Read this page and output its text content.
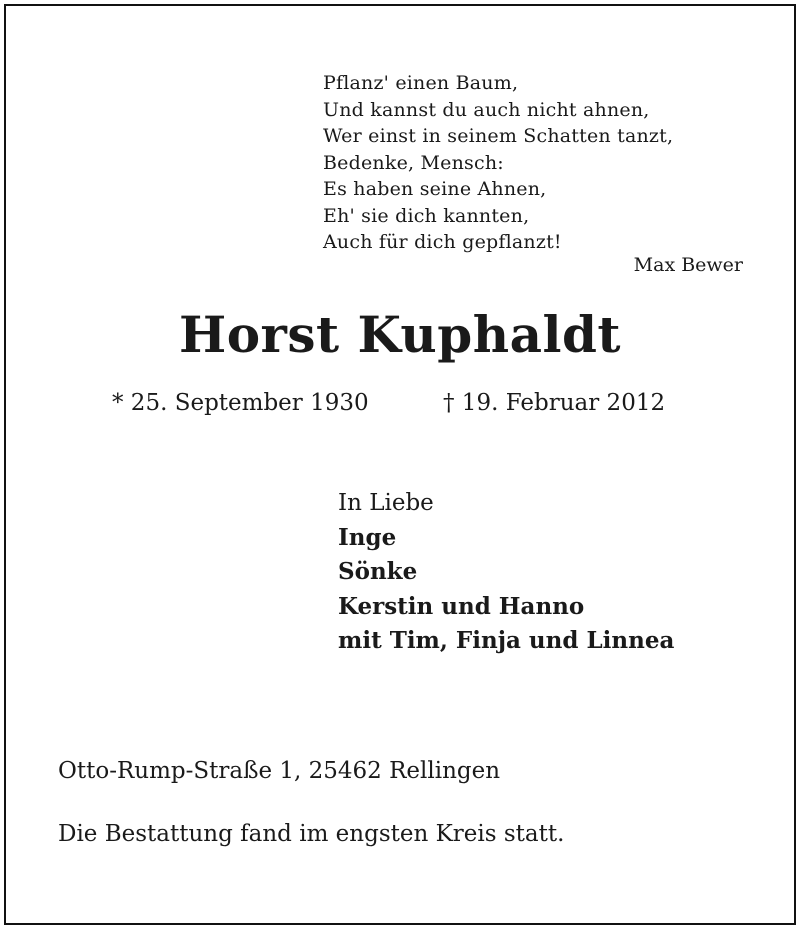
Pflanz' einen Baum,
Und kannst du auch nicht ahnen,
Wer einst in seinem Schatten tanzt,
Bedenke, Mensch:
Es haben seine Ahnen,
Eh' sie dich kannten,
Auch für dich gepflanzt!
Max Bewer
Horst Kuphaldt
* 25. September 1930	† 19. Februar 2012
In Liebe
Inge
Sönke
Kerstin und Hanno
mit Tim, Finja und Linnea
Otto-Rump-Straße 1, 25462 Rellingen
Die Bestattung fand im engsten Kreis statt.
